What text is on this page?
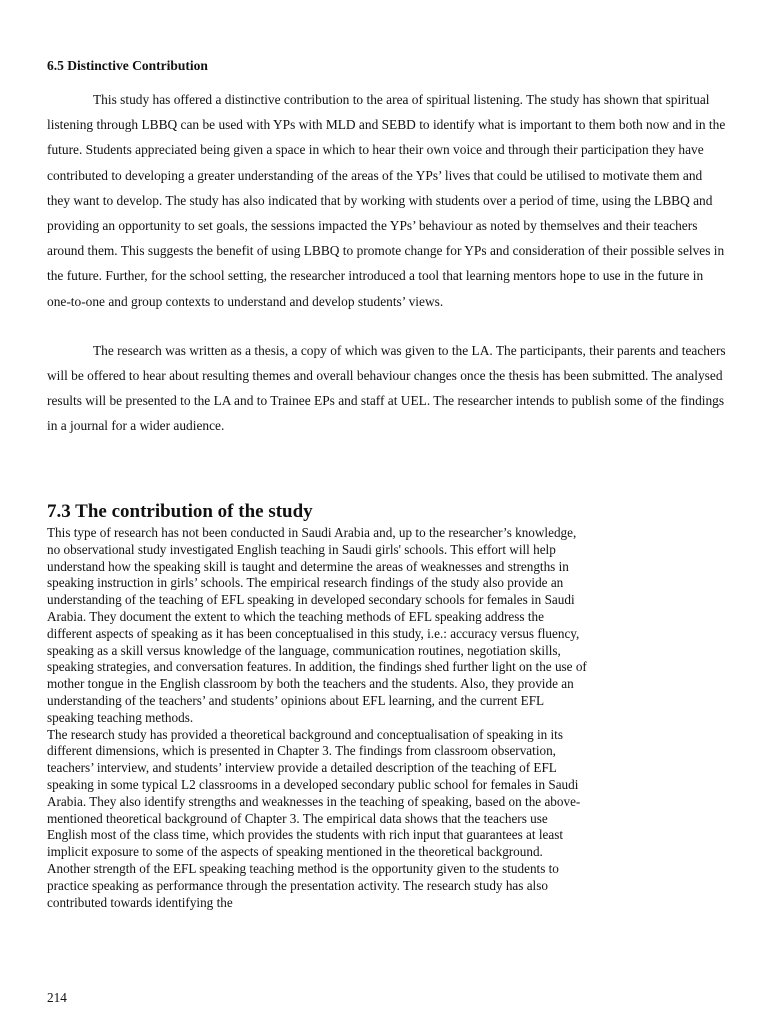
6.5 Distinctive Contribution

This study has offered a distinctive contribution to the area of spiritual listening. The study has shown that spiritual listening through LBBQ can be used with YPs with MLD and SEBD to identify what is important to them both now and in the future. Students appreciated being given a space in which to hear their own voice and through their participation they have contributed to developing a greater understanding of the areas of the YPs’ lives that could be utilised to motivate them and they want to develop. The study has also indicated that by working with students over a period of time, using the LBBQ and providing an opportunity to set goals, the sessions impacted the YPs’ behaviour as noted by themselves and their teachers around them. This suggests the benefit of using LBBQ to promote change for YPs and consideration of their possible selves in the future. Further, for the school setting, the researcher introduced a tool that learning mentors hope to use in the future in one-to-one and group contexts to understand and develop students’ views.

The research was written as a thesis, a copy of which was given to the LA. The participants, their parents and teachers will be offered to hear about resulting themes and overall behaviour changes once the thesis has been submitted. The analysed results will be presented to the LA and to Trainee EPs and staff at UEL. The researcher intends to publish some of the findings in a journal for a wider audience.

7.3 The contribution of the study

This type of research has not been conducted in Saudi Arabia and, up to the researcher’s knowledge, no observational study investigated English teaching in Saudi girls' schools. This effort will help understand how the speaking skill is taught and determine the areas of weaknesses and strengths in speaking instruction in girls’ schools. The empirical research findings of the study also provide an understanding of the teaching of EFL speaking in developed secondary schools for females in Saudi Arabia. They document the extent to which the teaching methods of EFL speaking address the different aspects of speaking as it has been conceptualised in this study, i.e.: accuracy versus fluency, speaking as a skill versus knowledge of the language, communication routines, negotiation skills, speaking strategies, and conversation features. In addition, the findings shed further light on the use of mother tongue in the English classroom by both the teachers and the students. Also, they provide an understanding of the teachers’ and students’ opinions about EFL learning, and the current EFL speaking teaching methods.

The research study has provided a theoretical background and conceptualisation of speaking in its different dimensions, which is presented in Chapter 3. The findings from classroom observation, teachers’ interview, and students’ interview provide a detailed description of the teaching of EFL speaking in some typical L2 classrooms in a developed secondary public school for females in Saudi Arabia. They also identify strengths and weaknesses in the teaching of speaking, based on the above-mentioned theoretical background of Chapter 3. The empirical data shows that the teachers use English most of the class time, which provides the students with rich input that guarantees at least implicit exposure to some of the aspects of speaking mentioned in the theoretical background. Another strength of the EFL speaking teaching method is the opportunity given to the students to practice speaking as performance through the presentation activity. The research study has also contributed towards identifying the

214
